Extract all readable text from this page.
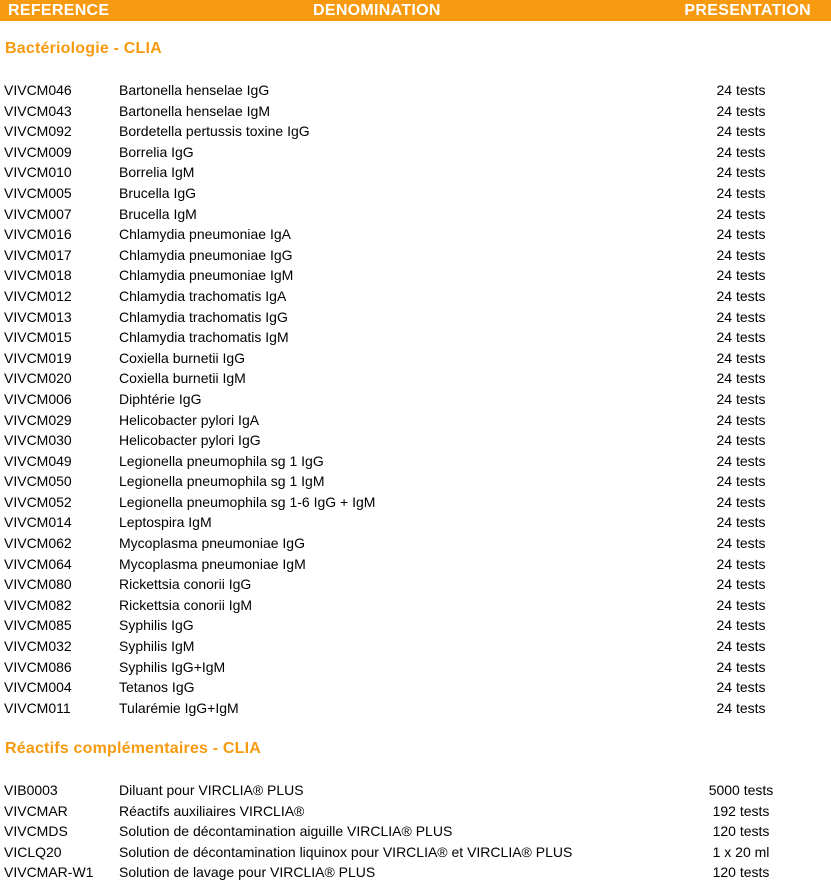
REFERENCE	DENOMINATION	PRESENTATION
Bactériologie - CLIA
VIVCM046	Bartonella henselae IgG	24 tests
VIVCM043	Bartonella henselae IgM	24 tests
VIVCM092	Bordetella pertussis toxine IgG	24 tests
VIVCM009	Borrelia IgG	24 tests
VIVCM010	Borrelia IgM	24 tests
VIVCM005	Brucella IgG	24 tests
VIVCM007	Brucella IgM	24 tests
VIVCM016	Chlamydia pneumoniae IgA	24 tests
VIVCM017	Chlamydia pneumoniae IgG	24 tests
VIVCM018	Chlamydia pneumoniae IgM	24 tests
VIVCM012	Chlamydia trachomatis IgA	24 tests
VIVCM013	Chlamydia trachomatis IgG	24 tests
VIVCM015	Chlamydia trachomatis IgM	24 tests
VIVCM019	Coxiella burnetii IgG	24 tests
VIVCM020	Coxiella burnetii IgM	24 tests
VIVCM006	Diphtérie IgG	24 tests
VIVCM029	Helicobacter pylori IgA	24 tests
VIVCM030	Helicobacter pylori IgG	24 tests
VIVCM049	Legionella pneumophila sg 1 IgG	24 tests
VIVCM050	Legionella pneumophila sg 1 IgM	24 tests
VIVCM052	Legionella pneumophila sg 1-6 IgG + IgM	24 tests
VIVCM014	Leptospira IgM	24 tests
VIVCM062	Mycoplasma pneumoniae IgG	24 tests
VIVCM064	Mycoplasma pneumoniae IgM	24 tests
VIVCM080	Rickettsia conorii IgG	24 tests
VIVCM082	Rickettsia conorii IgM	24 tests
VIVCM085	Syphilis IgG	24 tests
VIVCM032	Syphilis IgM	24 tests
VIVCM086	Syphilis IgG+IgM	24 tests
VIVCM004	Tetanos IgG	24 tests
VIVCM011	Tularémie IgG+IgM	24 tests
Réactifs complémentaires - CLIA
VIB0003	Diluant pour VIRCLIA® PLUS	5000 tests
VIVCMAR	Réactifs auxiliaires VIRCLIA®	192 tests
VIVCMDS	Solution de décontamination aiguille VIRCLIA® PLUS	120 tests
VICLQ20	Solution de décontamination liquinox pour VIRCLIA® et VIRCLIA® PLUS	1 x 20 ml
VIVCMAR-W1 Solution de lavage pour VIRCLIA® PLUS	120 tests
